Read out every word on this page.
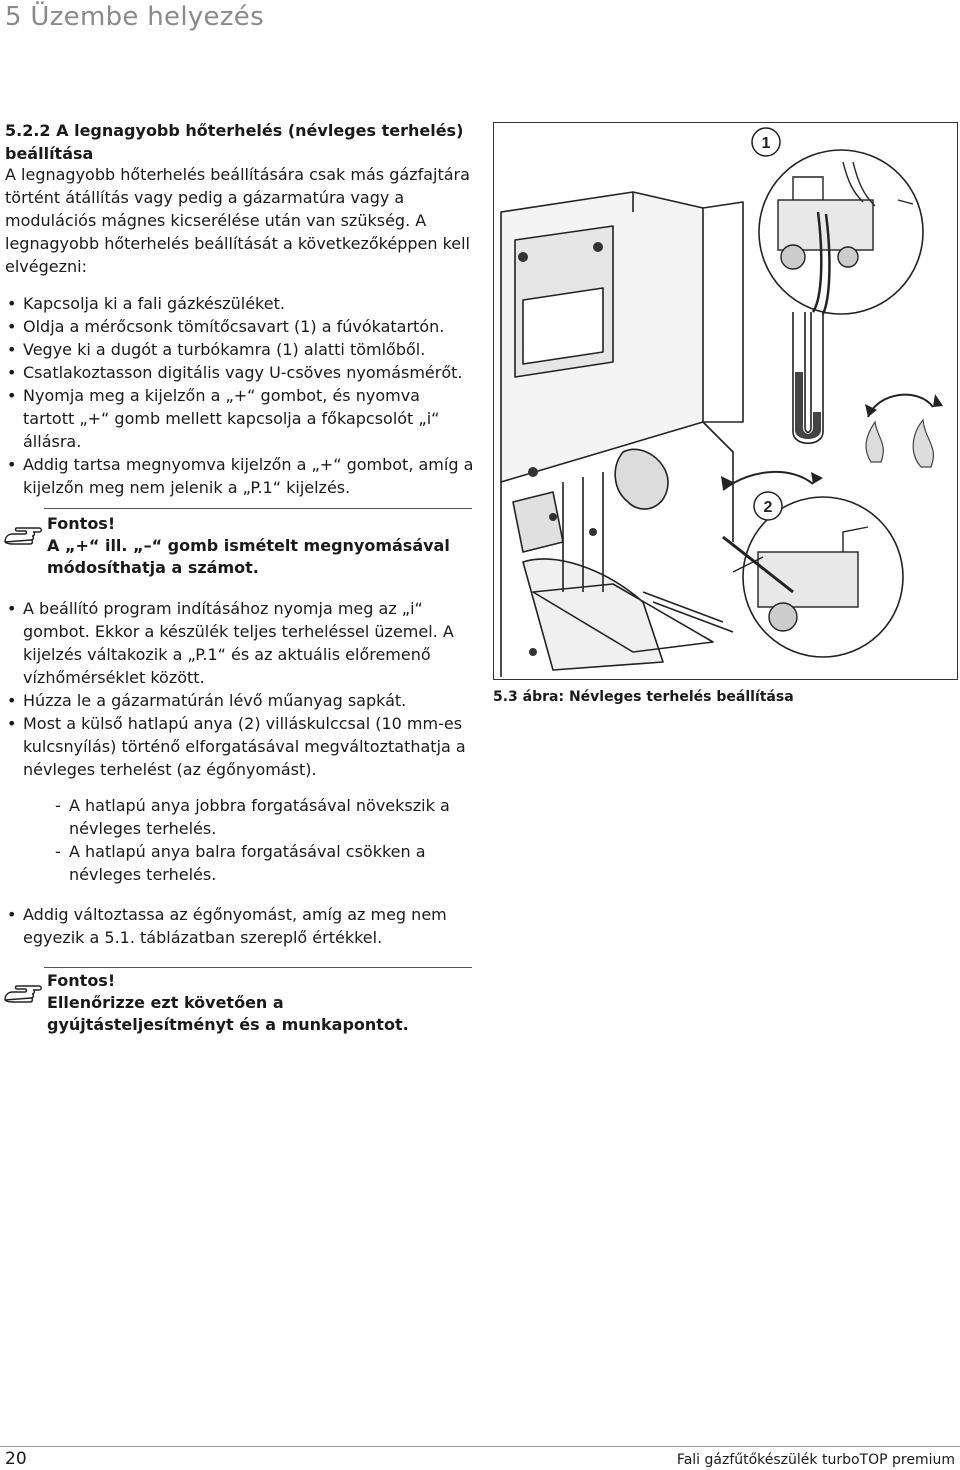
5 Üzembe helyezés
5.2.2 A legnagyobb hőterhelés (névleges terhelés) beállítása
A legnagyobb hőterhelés beállítására csak más gázfajtára történt átállítás vagy pedig a gázarmatúra vagy a modulációs mágnes kicserélése után van szükség. A legnagyobb hőterhelés beállítását a következőképpen kell elvégezni:
• Kapcsolja ki a fali gázkészüléket.
• Oldja a mérőcsonk tömítőcsavart (1) a fúvókatartón.
• Vegye ki a dugót a turbókamra (1) alatti tömlőből.
• Csatlakoztasson digitális vagy U-csöves nyomásmérőt.
• Nyomja meg a kijelzőn a „+“ gombot, és nyomva tartott „+“ gomb mellett kapcsolja a főkapcsolót „i“ állásra.
• Addig tartsa megnyomva kijelzőn a „+“ gombot, amíg a kijelzőn meg nem jelenik a „P.1“ kijelzés.
Fontos!
A „+“ ill. „–“ gomb ismételt megnyomásával módosíthatja a számot.
• A beállító program indításához nyomja meg az „i“ gombot. Ekkor a készülék teljes terheléssel üzemel. A kijelzés váltakozik a „P.1“ és az aktuális előremenő vízhőmérséklet között.
• Húzza le a gázarmatúrán lévő műanyag sapkát.
• Most a külső hatlapú anya (2) villáskulccsal (10 mm-es kulcsnyílás) történő elforgatásával megváltoztathatja a névleges terhelést (az égőnyomást).
- A hatlapú anya jobbra forgatásával növekszik a névleges terhelés.
- A hatlapú anya balra forgatásával csökken a névleges terhelés.
• Addig változtassa az égőnyomást, amíg az meg nem egyezik a 5.1. táblázatban szereplő értékkel.
Fontos!
Ellenőrizze ezt követően a gyújtásteljesítményt és a munkapontot.
1
2
5.3 ábra: Névleges terhelés beállítása
20	Fali gázfűtőkészülék turboTOP premium
